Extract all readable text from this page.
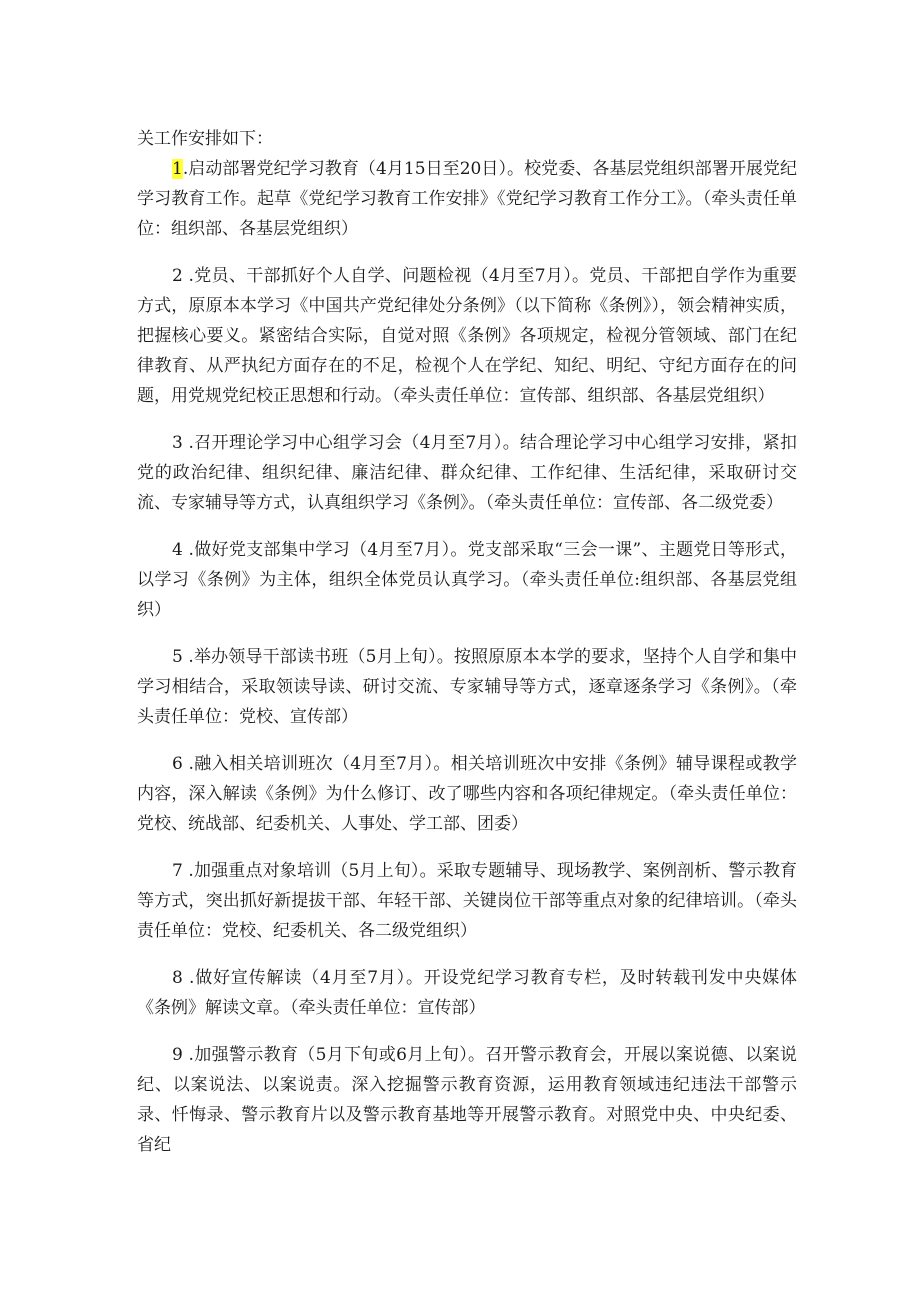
关工作安排如下：

1.启动部署党纪学习教育（4月15日至20日）。校党委、各基层党组织部署开展党纪学习教育工作。起草《党纪学习教育工作安排》《党纪学习教育工作分工》。（牵头责任单位：组织部、各基层党组织）

2 .党员、干部抓好个人自学、问题检视（4月至7月）。党员、干部把自学作为重要方式，原原本本学习《中国共产党纪律处分条例》（以下简称《条例》），领会精神实质，把握核心要义。紧密结合实际，自觉对照《条例》各项规定，检视分管领域、部门在纪律教育、从严执纪方面存在的不足，检视个人在学纪、知纪、明纪、守纪方面存在的问题，用党规党纪校正思想和行动。（牵头责任单位：宣传部、组织部、各基层党组织）

3 .召开理论学习中心组学习会（4月至7月）。结合理论学习中心组学习安排，紧扣党的政治纪律、组织纪律、廉洁纪律、群众纪律、工作纪律、生活纪律，采取研讨交流、专家辅导等方式，认真组织学习《条例》。（牵头责任单位：宣传部、各二级党委）

4 .做好党支部集中学习（4月至7月）。党支部采取“三会一课”、主题党日等形式，以学习《条例》为主体，组织全体党员认真学习。（牵头责任单位:组织部、各基层党组织）

5 .举办领导干部读书班（5月上旬）。按照原原本本学的要求，坚持个人自学和集中学习相结合，采取领读导读、研讨交流、专家辅导等方式，逐章逐条学习《条例》。（牵头责任单位：党校、宣传部）

6 .融入相关培训班次（4月至7月）。相关培训班次中安排《条例》辅导课程或教学内容，深入解读《条例》为什么修订、改了哪些内容和各项纪律规定。（牵头责任单位：党校、统战部、纪委机关、人事处、学工部、团委）

7 .加强重点对象培训（5月上旬）。采取专题辅导、现场教学、案例剖析、警示教育等方式，突出抓好新提拔干部、年轻干部、关键岗位干部等重点对象的纪律培训。（牵头责任单位：党校、纪委机关、各二级党组织）

8 .做好宣传解读（4月至7月）。开设党纪学习教育专栏，及时转载刊发中央媒体《条例》解读文章。（牵头责任单位：宣传部）

9 .加强警示教育（5月下旬或6月上旬）。召开警示教育会，开展以案说德、以案说纪、以案说法、以案说责。深入挖掘警示教育资源，运用教育领域违纪违法干部警示录、忏悔录、警示教育片以及警示教育基地等开展警示教育。对照党中央、中央纪委、省纪
